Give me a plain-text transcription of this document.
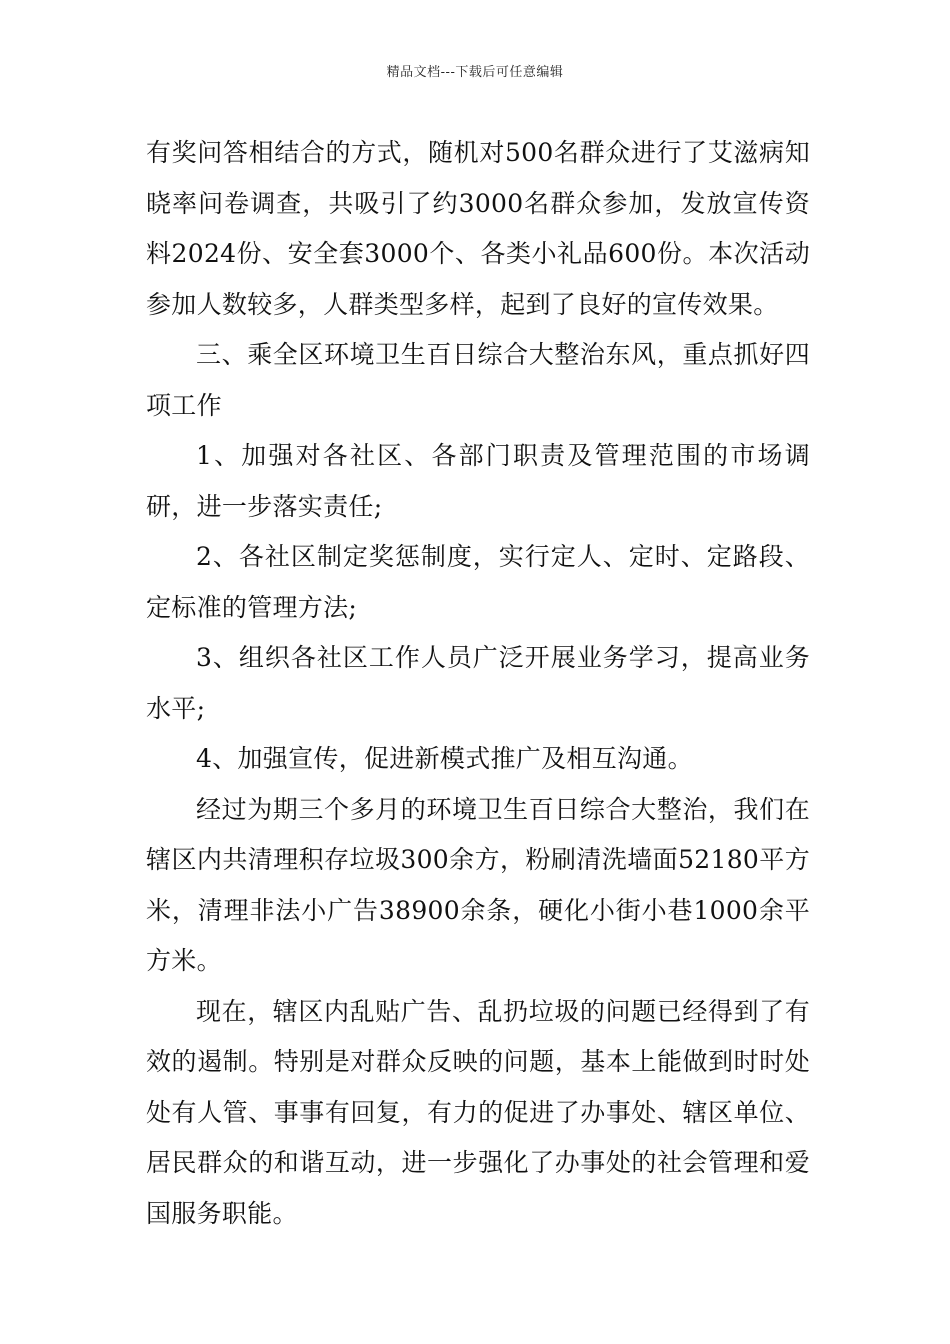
精品文档---下载后可任意编辑

有奖问答相结合的方式，随机对500名群众进行了艾滋病知晓率问卷调查，共吸引了约3000名群众参加，发放宣传资料2024份、安全套3000个、各类小礼品600份。本次活动参加人数较多，人群类型多样，起到了良好的宣传效果。

三、乘全区环境卫生百日综合大整治东风，重点抓好四项工作

1、加强对各社区、各部门职责及管理范围的市场调研，进一步落实责任;

2、各社区制定奖惩制度，实行定人、定时、定路段、定标准的管理方法;

3、组织各社区工作人员广泛开展业务学习，提高业务水平;

4、加强宣传，促进新模式推广及相互沟通。

经过为期三个多月的环境卫生百日综合大整治，我们在辖区内共清理积存垃圾300余方，粉刷清洗墙面52180平方米，清理非法小广告38900余条，硬化小街小巷1000余平方米。

现在，辖区内乱贴广告、乱扔垃圾的问题已经得到了有效的遏制。特别是对群众反映的问题，基本上能做到时时处处有人管、事事有回复，有力的促进了办事处、辖区单位、居民群众的和谐互动，进一步强化了办事处的社会管理和爱国服务职能。
